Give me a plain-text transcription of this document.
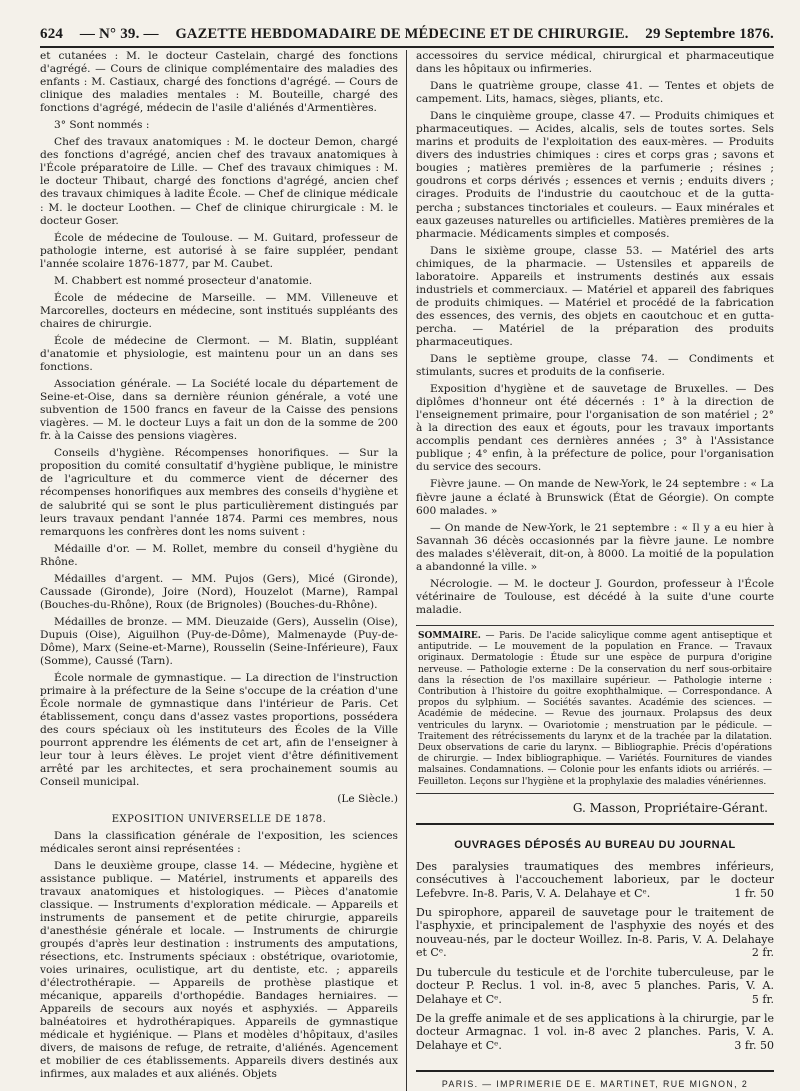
624 — N° 39. — GAZETTE HEBDOMADAIRE DE MÉDECINE ET DE CHIRURGIE. 29 Septembre 1876.

et cutanées : M. le docteur Castelain, chargé des fonctions d'agrégé. — Cours de clinique complémentaire des maladies des enfants : M. Castiaux, chargé des fonctions d'agrégé. — Cours de clinique des maladies mentales : M. Bouteille, chargé des fonctions d'agrégé, médecin de l'asile d'aliénés d'Armentières.

3° Sont nommés :

Chef des travaux anatomiques : M. le docteur Demon, chargé des fonctions d'agrégé, ancien chef des travaux anatomiques à l'École préparatoire de Lille. — Chef des travaux chimiques : M. le docteur Thibaut, chargé des fonctions d'agrégé, ancien chef des travaux chimiques à ladite École. — Chef de clinique médicale : M. le docteur Loothen. — Chef de clinique chirurgicale : M. le docteur Goser.

École de médecine de Toulouse. — M. Guitard, professeur de pathologie interne, est autorisé à se faire suppléer, pendant l'année scolaire 1876-1877, par M. Caubet.

M. Chabbert est nommé prosecteur d'anatomie.

École de médecine de Marseille. — MM. Villeneuve et Marcorelles, docteurs en médecine, sont institués suppléants des chaires de chirurgie.

École de médecine de Clermont. — M. Blatin, suppléant d'anatomie et physiologie, est maintenu pour un an dans ses fonctions.

Association générale. — La Société locale du département de Seine-et-Oise, dans sa dernière réunion générale, a voté une subvention de 1500 francs en faveur de la Caisse des pensions viagères. — M. le docteur Luys a fait un don de la somme de 200 fr. à la Caisse des pensions viagères.

Conseils d'hygiène. Récompenses honorifiques. — Sur la proposition du comité consultatif d'hygiène publique, le ministre de l'agriculture et du commerce vient de décerner des récompenses honorifiques aux membres des conseils d'hygiène et de salubrité qui se sont le plus particulièrement distingués par leurs travaux pendant l'année 1874. Parmi ces membres, nous remarquons les confrères dont les noms suivent :

Médaille d'or. — M. Rollet, membre du conseil d'hygiène du Rhône.

Médailles d'argent. — MM. Pujos (Gers), Micé (Gironde), Caussade (Gironde), Joire (Nord), Houzelot (Marne), Rampal (Bouches-du-Rhône), Roux (de Brignoles) (Bouches-du-Rhône).

Médailles de bronze. — MM. Dieuzaide (Gers), Ausselin (Oise), Dupuis (Oise), Aiguilhon (Puy-de-Dôme), Malmenayde (Puy-de-Dôme), Marx (Seine-et-Marne), Rousselin (Seine-Inférieure), Faux (Somme), Caussé (Tarn).

École normale de gymnastique. — La direction de l'instruction primaire à la préfecture de la Seine s'occupe de la création d'une École normale de gymnastique dans l'intérieur de Paris. Cet établissement, conçu dans d'assez vastes proportions, possédera des cours spéciaux où les instituteurs des Écoles de la Ville pourront apprendre les éléments de cet art, afin de l'enseigner à leur tour à leurs élèves. Le projet vient d'être définitivement arrêté par les architectes, et sera prochainement soumis au Conseil municipal.

(Le Siècle.)
EXPOSITION UNIVERSELLE DE 1878.

Dans la classification générale de l'exposition, les sciences médicales seront ainsi représentées :

Dans le deuxième groupe, classe 14. — Médecine, hygiène et assistance publique. — Matériel, instruments et appareils des travaux anatomiques et histologiques. — Pièces d'anatomie classique. — Instruments d'exploration médicale. — Appareils et instruments de pansement et de petite chirurgie, appareils d'anesthésie générale et locale. — Instruments de chirurgie groupés d'après leur destination : instruments des amputations, résections, etc. Instruments spéciaux : obstétrique, ovariotomie, voies urinaires, oculistique, art du dentiste, etc. ; appareils d'électrothérapie. — Appareils de prothèse plastique et mécanique, appareils d'orthopédie. Bandages herniaires. — Appareils de secours aux noyés et asphyxiés. — Appareils balnéatoires et hydrothérapiques. Appareils de gymnastique médicale et hygiénique. — Plans et modèles d'hôpitaux, d'asiles divers, de maisons de refuge, de retraite, d'aliénés. Agencement et mobilier de ces établissements. Appareils divers destinés aux infirmes, aux malades et aux aliénés. Objets

accessoires du service médical, chirurgical et pharmaceutique dans les hôpitaux ou infirmeries.

Dans le quatrième groupe, classe 41. — Tentes et objets de campement. Lits, hamacs, sièges, pliants, etc.

Dans le cinquième groupe, classe 47. — Produits chimiques et pharmaceutiques. — Acides, alcalis, sels de toutes sortes. Sels marins et produits de l'exploitation des eaux-mères. — Produits divers des industries chimiques : cires et corps gras ; savons et bougies ; matières premières de la parfumerie ; résines ; goudrons et corps dérivés ; essences et vernis ; enduits divers ; cirages. Produits de l'industrie du caoutchouc et de la gutta-percha ; substances tinctoriales et couleurs. — Eaux minérales et eaux gazeuses naturelles ou artificielles. Matières premières de la pharmacie. Médicaments simples et composés.

Dans le sixième groupe, classe 53. — Matériel des arts chimiques, de la pharmacie. — Ustensiles et appareils de laboratoire. Appareils et instruments destinés aux essais industriels et commerciaux. — Matériel et appareil des fabriques de produits chimiques. — Matériel et procédé de la fabrication des essences, des vernis, des objets en caoutchouc et en gutta-percha. — Matériel de la préparation des produits pharmaceutiques.

Dans le septième groupe, classe 74. — Condiments et stimulants, sucres et produits de la confiserie.

Exposition d'hygiène et de sauvetage de Bruxelles. — Des diplômes d'honneur ont été décernés : 1° à la direction de l'enseignement primaire, pour l'organisation de son matériel ; 2° à la direction des eaux et égouts, pour les travaux importants accomplis pendant ces dernières années ; 3° à l'Assistance publique ; 4° enfin, à la préfecture de police, pour l'organisation du service des secours.

Fièvre jaune. — On mande de New-York, le 24 septembre : « La fièvre jaune a éclaté à Brunswick (État de Géorgie). On compte 600 malades. »

— On mande de New-York, le 21 septembre : « Il y a eu hier à Savannah 36 décès occasionnés par la fièvre jaune. Le nombre des malades s'élèverait, dit-on, à 8000. La moitié de la population a abandonné la ville. »

Nécrologie. — M. le docteur J. Gourdon, professeur à l'École vétérinaire de Toulouse, est décédé à la suite d'une courte maladie.

SOMMAIRE. — Paris. De l'acide salicylique comme agent antiseptique et antiputride. — Le mouvement de la population en France. — Travaux originaux. Dermatologie : Étude sur une espèce de purpura d'origine nerveuse. — Pathologie externe : De la conservation du nerf sous-orbitaire dans la résection de l'os maxillaire supérieur. — Pathologie interne : Contribution à l'histoire du goitre exophthalmique. — Correspondance. A propos du sylphium. — Sociétés savantes. Académie des sciences. — Académie de médecine. — Revue des journaux. Prolapsus des deux ventricules du larynx. — Ovariotomie ; menstruation par le pédicule. — Traitement des rétrécissements du larynx et de la trachée par la dilatation. Deux observations de carie du larynx. — Bibliographie. Précis d'opérations de chirurgie. — Index bibliographique. — Variétés. Fournitures de viandes malsaines. Condamnations. — Colonie pour les enfants idiots ou arriérés. — Feuilleton. Leçons sur l'hygiène et la prophylaxie des maladies vénériennes.
G. Masson, Propriétaire-Gérant.
OUVRAGES DÉPOSÉS AU BUREAU DU JOURNAL
Des paralysies traumatiques des membres inférieurs, consécutives à l'accouchement laborieux, par le docteur Lefebvre. In-8. Paris, V. A. Delahaye et Cᵉ.	1 fr. 50
Du spirophore, appareil de sauvetage pour le traitement de l'asphyxie, et principalement de l'asphyxie des noyés et des nouveau-nés, par le docteur Woillez. In-8. Paris, V. A. Delahaye et Cᵉ.	2 fr.
Du tubercule du testicule et de l'orchite tuberculeuse, par le docteur P. Reclus. 1 vol. in-8, avec 5 planches. Paris, V. A. Delahaye et Cᵉ.	5 fr.
De la greffe animale et de ses applications à la chirurgie, par le docteur Armagnac. 1 vol. in-8 avec 2 planches. Paris, V. A. Delahaye et Cᵉ.	3 fr. 50
PARIS. — IMPRIMERIE DE E. MARTINET, RUE MIGNON, 2
